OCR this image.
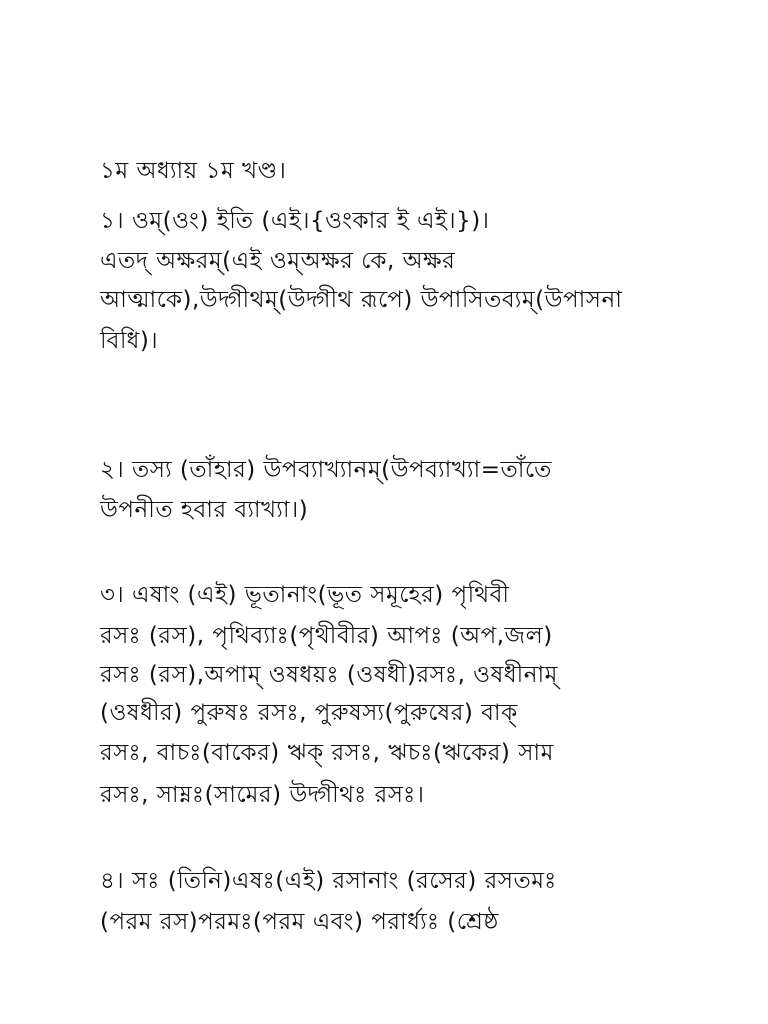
১ম অধ্যায় ১ম খণ্ড।
১। ওম্(ওং) ইতি (এই।{ওংকার ই এই।})।
এতদ্ অক্ষরম্(এই ওম্অক্ষর কে, অক্ষর
আত্মাকে),উদ্গীথম্(উদ্গীথ রূপে) উপাসিতব্যম্(উপাসনা
বিধি)।
২। তস্য (তাঁহার) উপব্যাখ্যানম্(উপব্যাখ্যা=তাঁতে
উপনীত হবার ব্যাখ্যা।)
৩। এষাং (এই) ভূতানাং(ভূত সমূহের) পৃথিবী
রসঃ (রস), পৃথিব্যাঃ(পৃথীবীর) আপঃ (অপ,জল)
রসঃ (রস),অপাম্ ওষধয়ঃ (ওষধী)রসঃ, ওষধীনাম্
(ওষধীর) পুরুষঃ রসঃ, পুরুষস্য(পুরুষের) বাক্
রসঃ, বাচঃ(বাকের) ঋক্ রসঃ, ঋচঃ(ঋকের) সাম
রসঃ, সাম্নঃ(সামের) উদ্গীথঃ রসঃ।
৪। সঃ (তিনি)এষঃ(এই) রসানাং (রসের) রসতমঃ
(পরম রস)পরমঃ(পরম এবং) পরার্ধ্যঃ (শ্রেষ্ঠ
